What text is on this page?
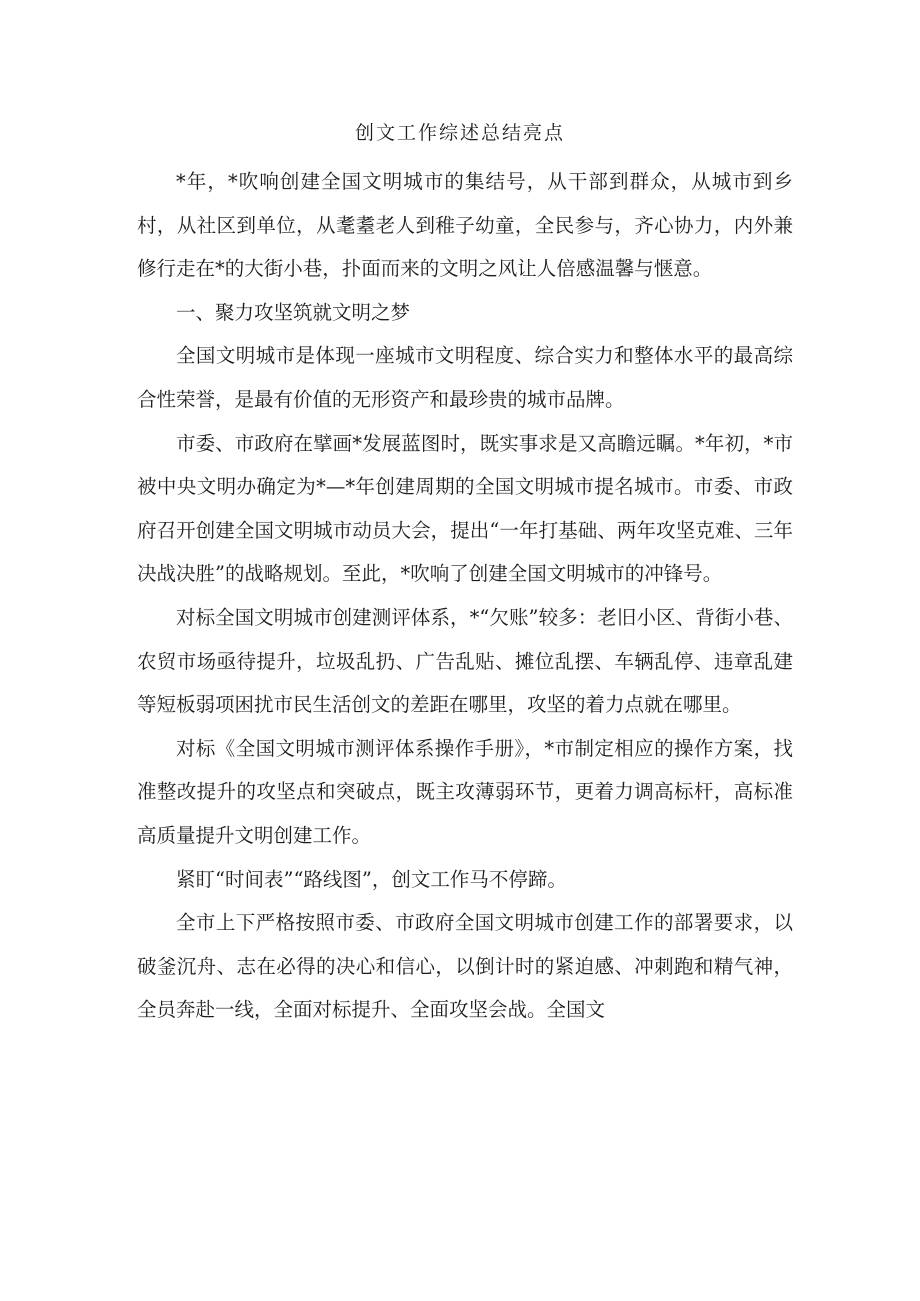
创文工作综述总结亮点

*年，*吹响创建全国文明城市的集结号，从干部到群众，从城市到乡村，从社区到单位，从耄耋老人到稚子幼童，全民参与，齐心协力，内外兼修行走在*的大街小巷，扑面而来的文明之风让人倍感温馨与惬意。

一、聚力攻坚筑就文明之梦

全国文明城市是体现一座城市文明程度、综合实力和整体水平的最高综合性荣誉，是最有价值的无形资产和最珍贵的城市品牌。

市委、市政府在擘画*发展蓝图时，既实事求是又高瞻远瞩。*年初，*市被中央文明办确定为*—*年创建周期的全国文明城市提名城市。市委、市政府召开创建全国文明城市动员大会，提出“一年打基础、两年攻坚克难、三年决战决胜”的战略规划。至此，*吹响了创建全国文明城市的冲锋号。

对标全国文明城市创建测评体系，*“欠账”较多：老旧小区、背街小巷、农贸市场亟待提升，垃圾乱扔、广告乱贴、摊位乱摆、车辆乱停、违章乱建等短板弱项困扰市民生活创文的差距在哪里，攻坚的着力点就在哪里。

对标《全国文明城市测评体系操作手册》，*市制定相应的操作方案，找准整改提升的攻坚点和突破点，既主攻薄弱环节，更着力调高标杆，高标准高质量提升文明创建工作。

紧盯“时间表”“路线图”，创文工作马不停蹄。

全市上下严格按照市委、市政府全国文明城市创建工作的部署要求，以破釜沉舟、志在必得的决心和信心，以倒计时的紧迫感、冲刺跑和精气神，全员奔赴一线，全面对标提升、全面攻坚会战。全国文
